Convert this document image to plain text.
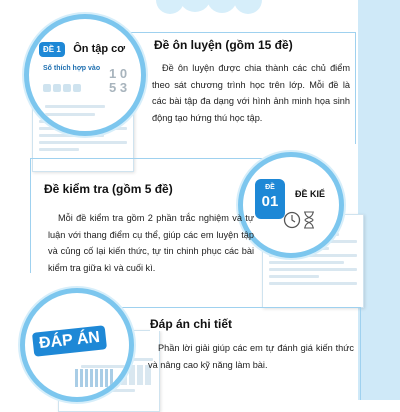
ĐỀ 1 Ôn tập cơ
Số thích hợp vào 1 0 5 3
Đề ôn luyện (gồm 15 đề)
Đề ôn luyện được chia thành các chủ điểm theo sát chương trình học trên lớp. Mỗi đề là các bài tập đa dạng với hình ảnh minh họa sinh động tạo hứng thú học tập.
ĐỀ
01	ĐỀ KIỂ
Đề kiểm tra (gồm 5 đề)
Mỗi đề kiểm tra gồm 2 phần trắc nghiệm và tự luận với thang điểm cụ thể, giúp các em luyện tập và củng cố lại kiến thức, tự tin chinh phục các bài kiểm tra giữa kì và cuối kì.
ĐÁP ÁN
Đáp án chi tiết
Phần lời giải giúp các em tự đánh giá kiến thức và nâng cao kỹ năng làm bài.
